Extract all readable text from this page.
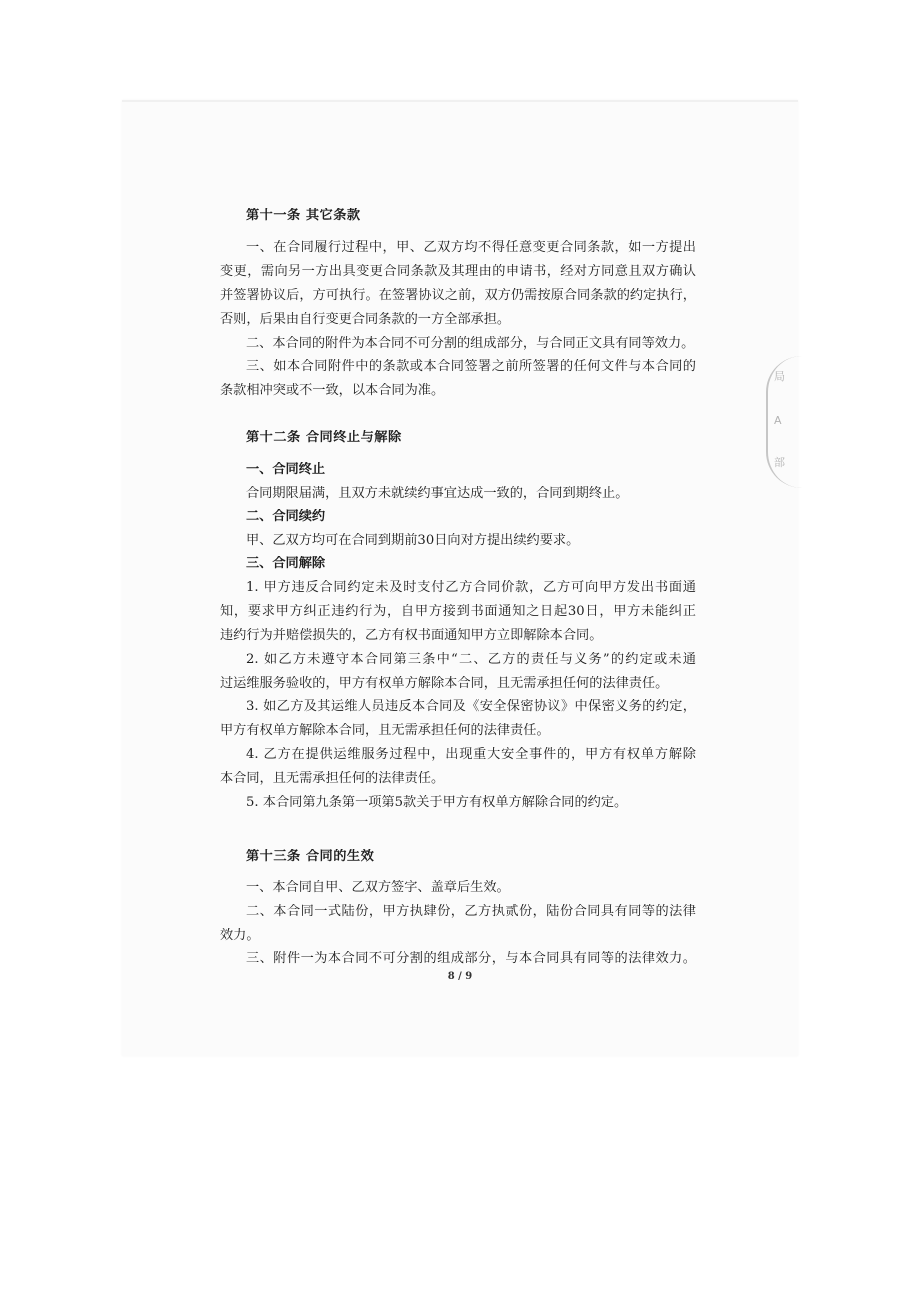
第十一条 其它条款
一、在合同履行过程中，甲、乙双方均不得任意变更合同条款，如一方提出
变更，需向另一方出具变更合同条款及其理由的申请书，经对方同意且双方确认
并签署协议后，方可执行。在签署协议之前，双方仍需按原合同条款的约定执行，
否则，后果由自行变更合同条款的一方全部承担。
二、本合同的附件为本合同不可分割的组成部分，与合同正文具有同等效力。
三、如本合同附件中的条款或本合同签署之前所签署的任何文件与本合同的
条款相冲突或不一致，以本合同为准。
第十二条 合同终止与解除
一、合同终止
合同期限届满，且双方未就续约事宜达成一致的，合同到期终止。
二、合同续约
甲、乙双方均可在合同到期前30日向对方提出续约要求。
三、合同解除
1. 甲方违反合同约定未及时支付乙方合同价款，乙方可向甲方发出书面通
知，要求甲方纠正违约行为，自甲方接到书面通知之日起30日，甲方未能纠正
违约行为并赔偿损失的，乙方有权书面通知甲方立即解除本合同。
2. 如乙方未遵守本合同第三条中“二、乙方的责任与义务”的约定或未通
过运维服务验收的，甲方有权单方解除本合同，且无需承担任何的法律责任。
3. 如乙方及其运维人员违反本合同及《安全保密协议》中保密义务的约定，
甲方有权单方解除本合同，且无需承担任何的法律责任。
4. 乙方在提供运维服务过程中，出现重大安全事件的，甲方有权单方解除
本合同，且无需承担任何的法律责任。
5. 本合同第九条第一项第5款关于甲方有权单方解除合同的约定。
第十三条 合同的生效
一、本合同自甲、乙双方签字、盖章后生效。
二、本合同一式陆份，甲方执肆份，乙方执贰份，陆份合同具有同等的法律
效力。
三、附件一为本合同不可分割的组成部分，与本合同具有同等的法律效力。
8 / 9
局
A
部
